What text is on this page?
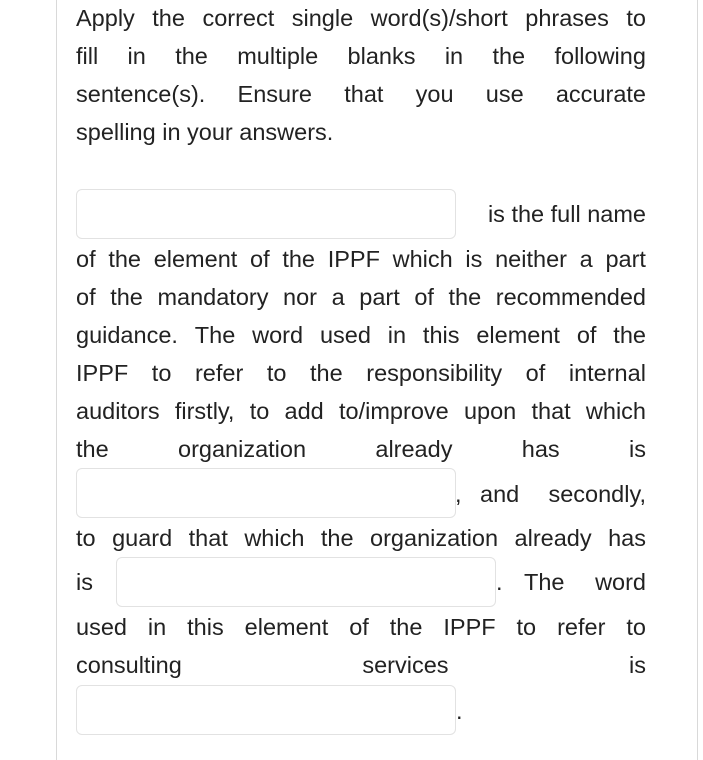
Apply the correct single word(s)/short phrases to
fill in the multiple blanks in the following
sentence(s). Ensure that you use accurate
spelling in your answers.
is the full name
of the element of the IPPF which is neither a part
of the mandatory nor a part of the recommended
guidance. The word used in this element of the
IPPF to refer to the responsibility of internal
auditors firstly, to add to/improve upon that which
the	organization	already	has	is
, and secondly,
to guard that which the organization already has
is	. The word
used in this element of the IPPF to refer to
consulting	services	is
.
